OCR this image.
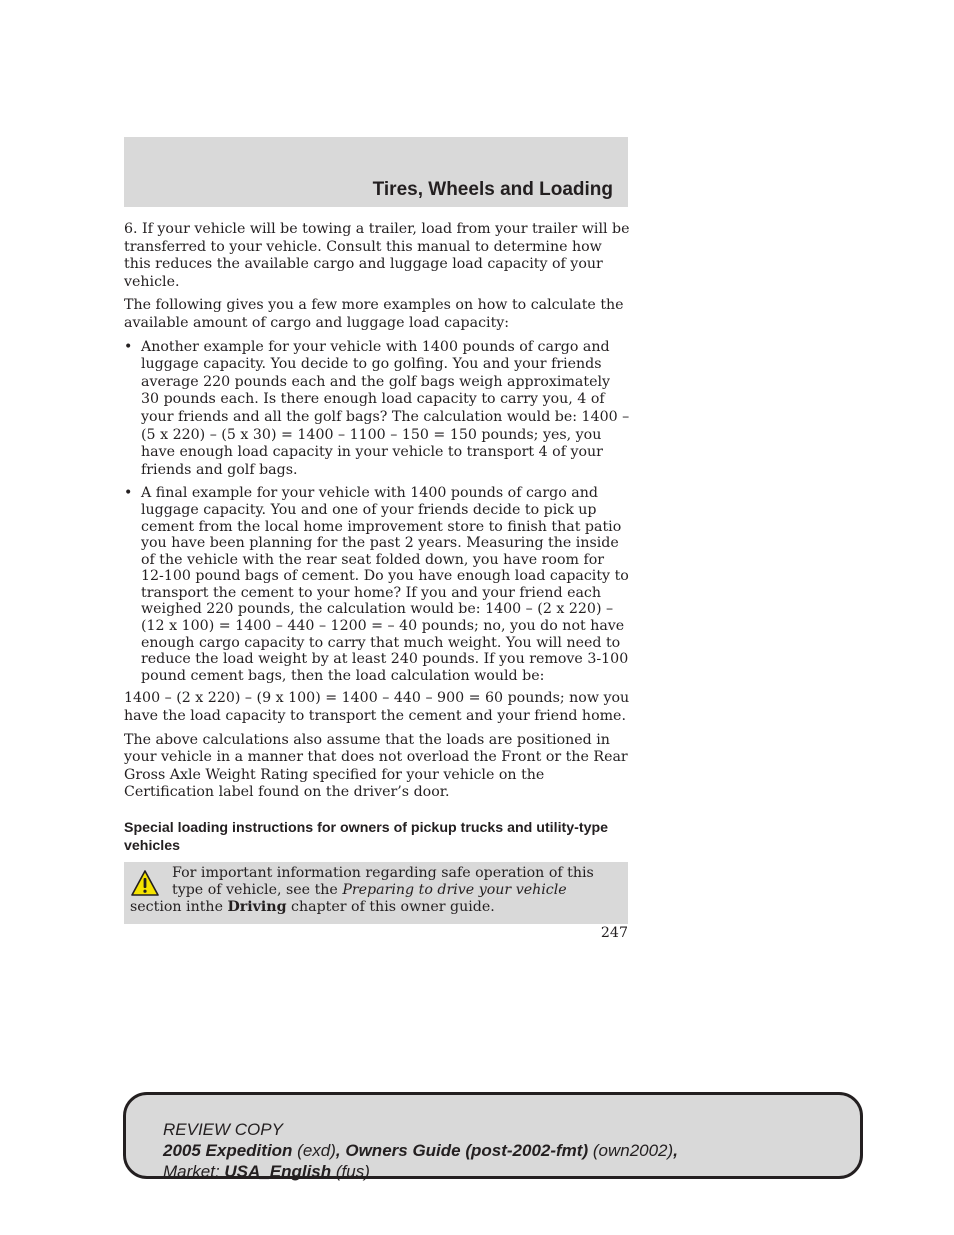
Tires, Wheels and Loading

6. If your vehicle will be towing a trailer, load from your trailer will be transferred to your vehicle. Consult this manual to determine how this reduces the available cargo and luggage load capacity of your vehicle.

The following gives you a few more examples on how to calculate the available amount of cargo and luggage load capacity:

• Another example for your vehicle with 1400 pounds of cargo and luggage capacity. You decide to go golfing. You and your friends average 220 pounds each and the golf bags weigh approximately 30 pounds each. Is there enough load capacity to carry you, 4 of your friends and all the golf bags? The calculation would be: 1400 – (5 x 220) – (5 x 30) = 1400 – 1100 – 150 = 150 pounds; yes, you have enough load capacity in your vehicle to transport 4 of your friends and golf bags.
• A final example for your vehicle with 1400 pounds of cargo and luggage capacity. You and one of your friends decide to pick up cement from the local home improvement store to finish that patio you have been planning for the past 2 years. Measuring the inside of the vehicle with the rear seat folded down, you have room for 12-100 pound bags of cement. Do you have enough load capacity to transport the cement to your home? If you and your friend each weighed 220 pounds, the calculation would be: 1400 – (2 x 220) – (12 x 100) = 1400 – 440 – 1200 = – 40 pounds; no, you do not have enough cargo capacity to carry that much weight. You will need to reduce the load weight by at least 240 pounds. If you remove 3-100 pound cement bags, then the load calculation would be:

1400 – (2 x 220) – (9 x 100) = 1400 – 440 – 900 = 60 pounds; now you have the load capacity to transport the cement and your friend home.

The above calculations also assume that the loads are positioned in your vehicle in a manner that does not overload the Front or the Rear Gross Axle Weight Rating specified for your vehicle on the Certification label found on the driver’s door.

Special loading instructions for owners of pickup trucks and utility-type vehicles
For important information regarding safe operation of this type of vehicle, see the Preparing to drive your vehicle section inthe Driving chapter of this owner guide.
247
REVIEW COPY
2005 Expedition (exd), Owners Guide (post-2002-fmt) (own2002),
Market: USA_English (fus)
